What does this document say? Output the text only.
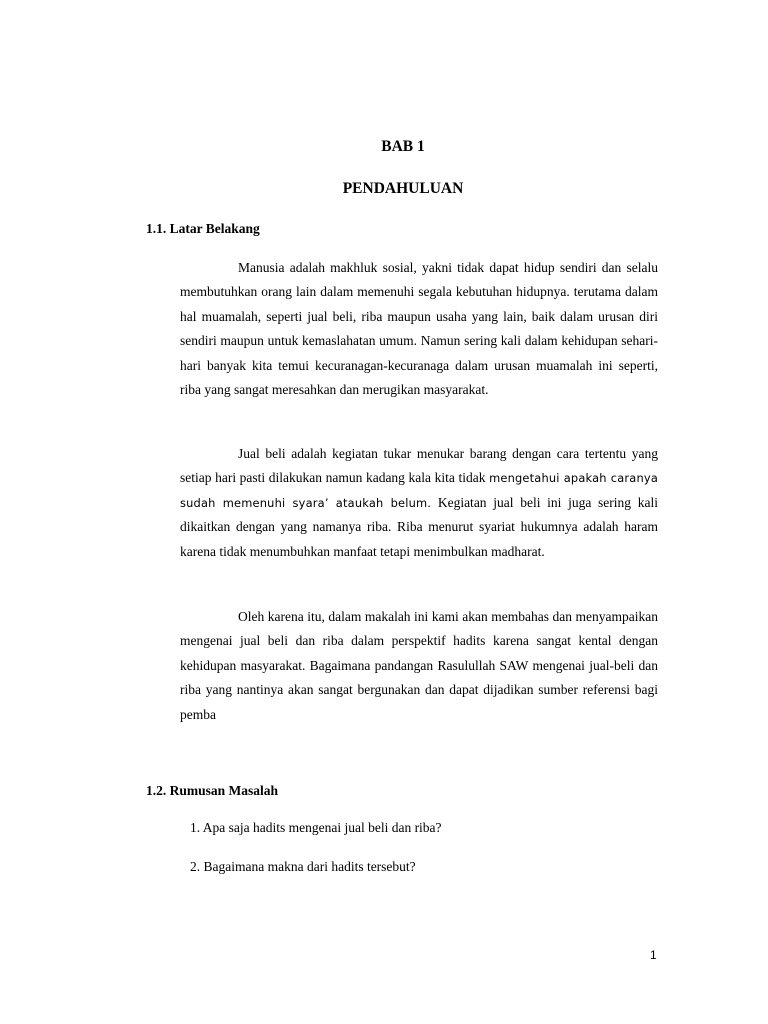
BAB 1
PENDAHULUAN
1.1. Latar Belakang

Manusia adalah makhluk sosial, yakni tidak dapat hidup sendiri dan selalu membutuhkan orang lain dalam memenuhi segala kebutuhan hidupnya. terutama dalam hal muamalah, seperti jual beli, riba maupun usaha yang lain, baik dalam urusan diri sendiri maupun untuk kemaslahatan umum. Namun sering kali dalam kehidupan sehari-hari banyak kita temui kecuranagan-kecuranaga dalam urusan muamalah ini seperti, riba yang sangat meresahkan dan merugikan masyarakat.

Jual beli adalah kegiatan tukar menukar barang dengan cara tertentu yang setiap hari pasti dilakukan namun kadang kala kita tidak mengetahui apakah caranya sudah memenuhi syara’ ataukah belum. Kegiatan jual beli ini juga sering kali dikaitkan dengan yang namanya riba. Riba menurut syariat hukumnya adalah haram karena tidak menumbuhkan manfaat tetapi menimbulkan madharat.

Oleh karena itu, dalam makalah ini kami akan membahas dan menyampaikan mengenai jual beli dan riba dalam perspektif hadits karena sangat kental dengan kehidupan masyarakat. Bagaimana pandangan Rasulullah SAW mengenai jual-beli dan riba yang nantinya akan sangat bergunakan dan dapat dijadikan sumber referensi bagi pemba

1.2. Rumusan Masalah
1. Apa saja hadits mengenai jual beli dan riba?
2. Bagaimana makna dari hadits tersebut?
1
